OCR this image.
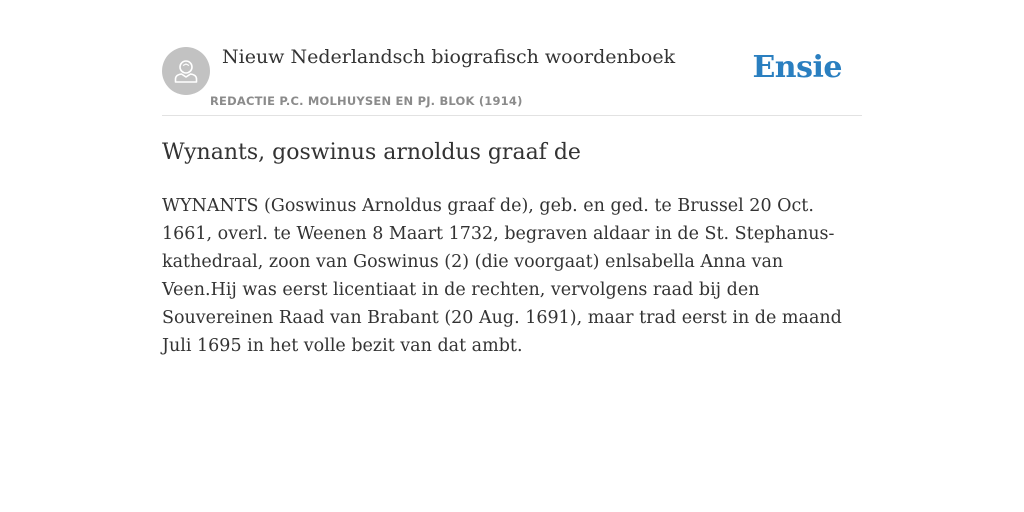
Nieuw Nederlandsch biografisch woordenboek
REDACTIE P.C. MOLHUYSEN EN PJ. BLOK (1914)
Ensie
Wynants, goswinus arnoldus graaf de

WYNANTS (Goswinus Arnoldus graaf de), geb. en ged. te Brussel 20 Oct. 1661, overl. te Weenen 8 Maart 1732, begraven aldaar in de St. Stephanus-kathedraal, zoon van Goswinus (2) (die voorgaat) enlsabella Anna van Veen.Hij was eerst licentiaat in de rechten, vervolgens raad bij den Souvereinen Raad van Brabant (20 Aug. 1691), maar trad eerst in de maand Juli 1695 in het volle bezit van dat ambt.
